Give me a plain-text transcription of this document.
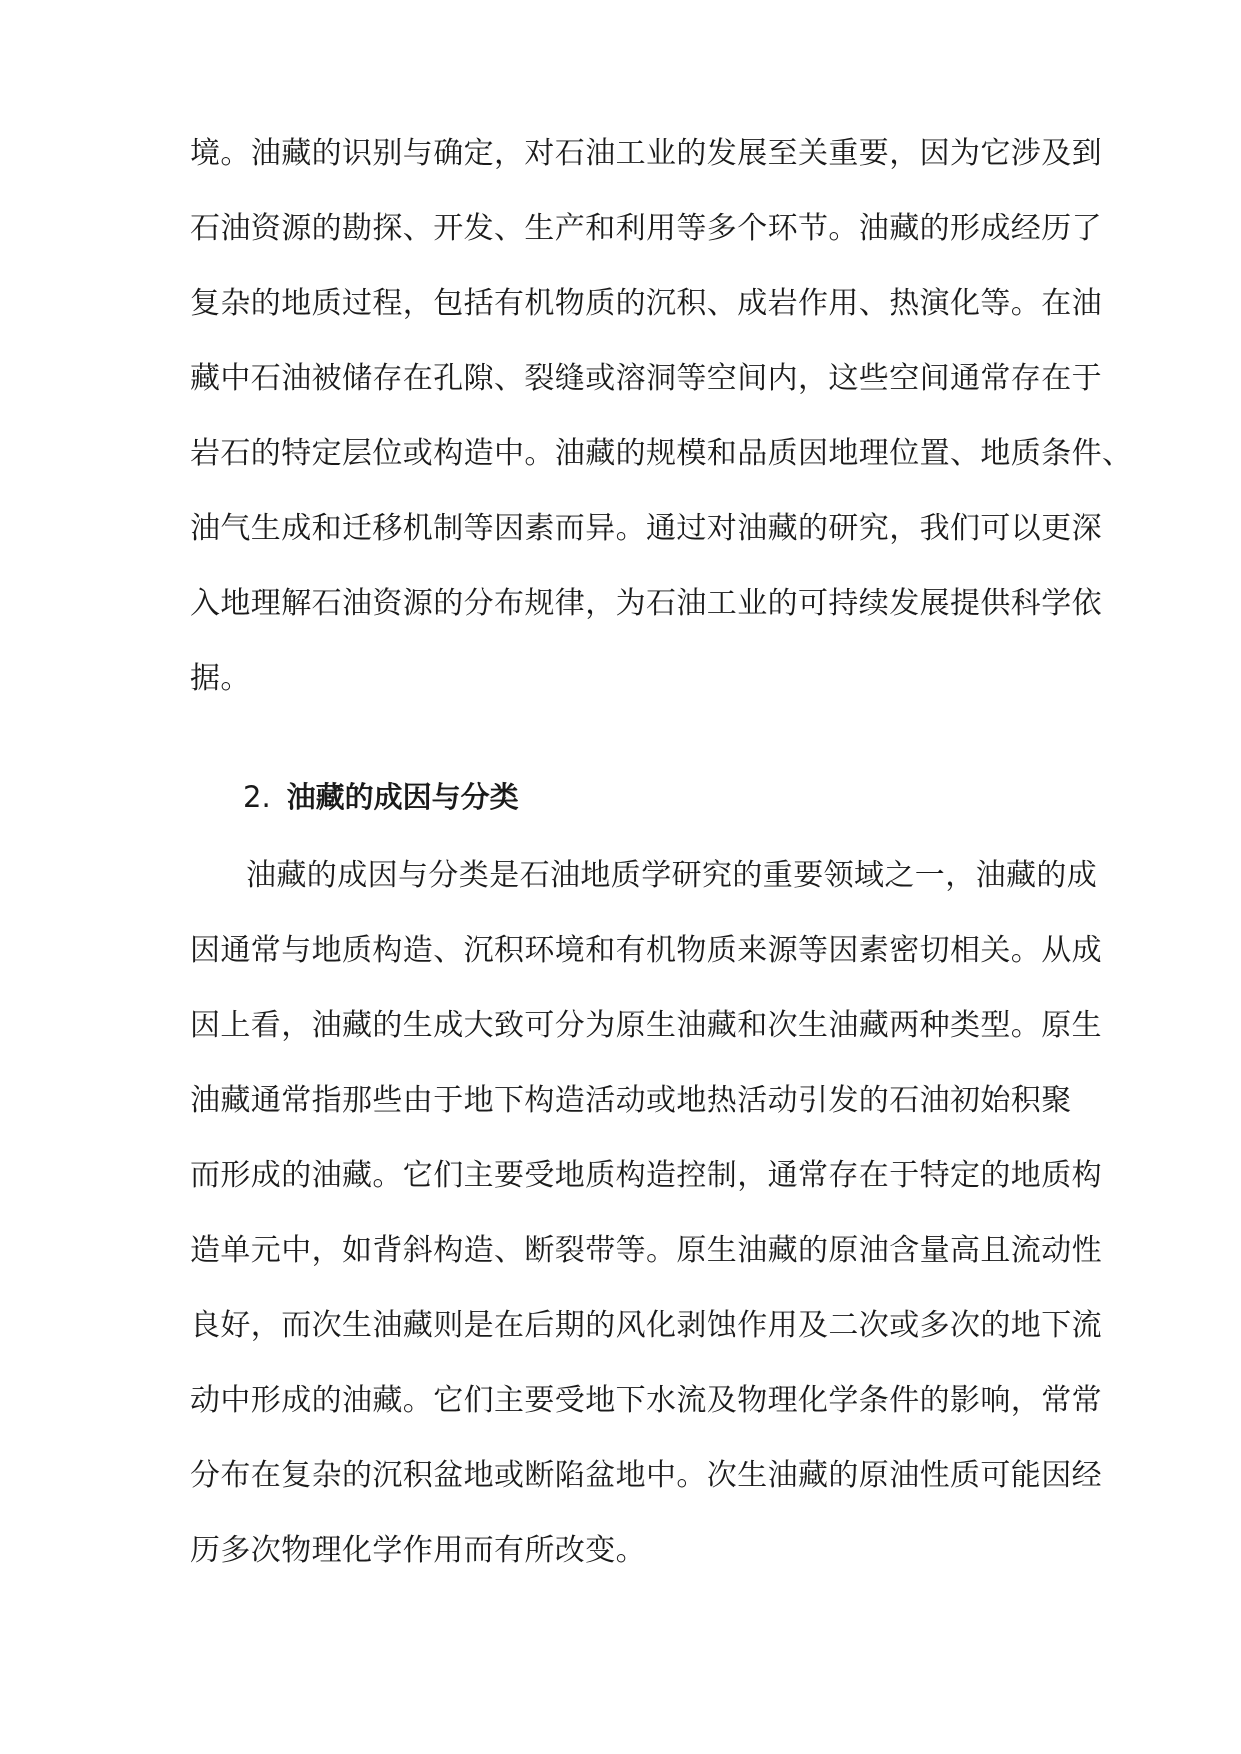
境。油藏的识别与确定，对石油工业的发展至关重要，因为它涉及到
石油资源的勘探、开发、生产和利用等多个环节。油藏的形成经历了
复杂的地质过程，包括有机物质的沉积、成岩作用、热演化等。在油
藏中石油被储存在孔隙、裂缝或溶洞等空间内，这些空间通常存在于
岩石的特定层位或构造中。油藏的规模和品质因地理位置、地质条件、
油气生成和迁移机制等因素而异。通过对油藏的研究，我们可以更深
入地理解石油资源的分布规律，为石油工业的可持续发展提供科学依
据。
2. 油藏的成因与分类
油藏的成因与分类是石油地质学研究的重要领域之一，油藏的成
因通常与地质构造、沉积环境和有机物质来源等因素密切相关。从成
因上看，油藏的生成大致可分为原生油藏和次生油藏两种类型。原生
油藏通常指那些由于地下构造活动或地热活动引发的石油初始积聚
而形成的油藏。它们主要受地质构造控制，通常存在于特定的地质构
造单元中，如背斜构造、断裂带等。原生油藏的原油含量高且流动性
良好，而次生油藏则是在后期的风化剥蚀作用及二次或多次的地下流
动中形成的油藏。它们主要受地下水流及物理化学条件的影响，常常
分布在复杂的沉积盆地或断陷盆地中。次生油藏的原油性质可能因经
历多次物理化学作用而有所改变。
